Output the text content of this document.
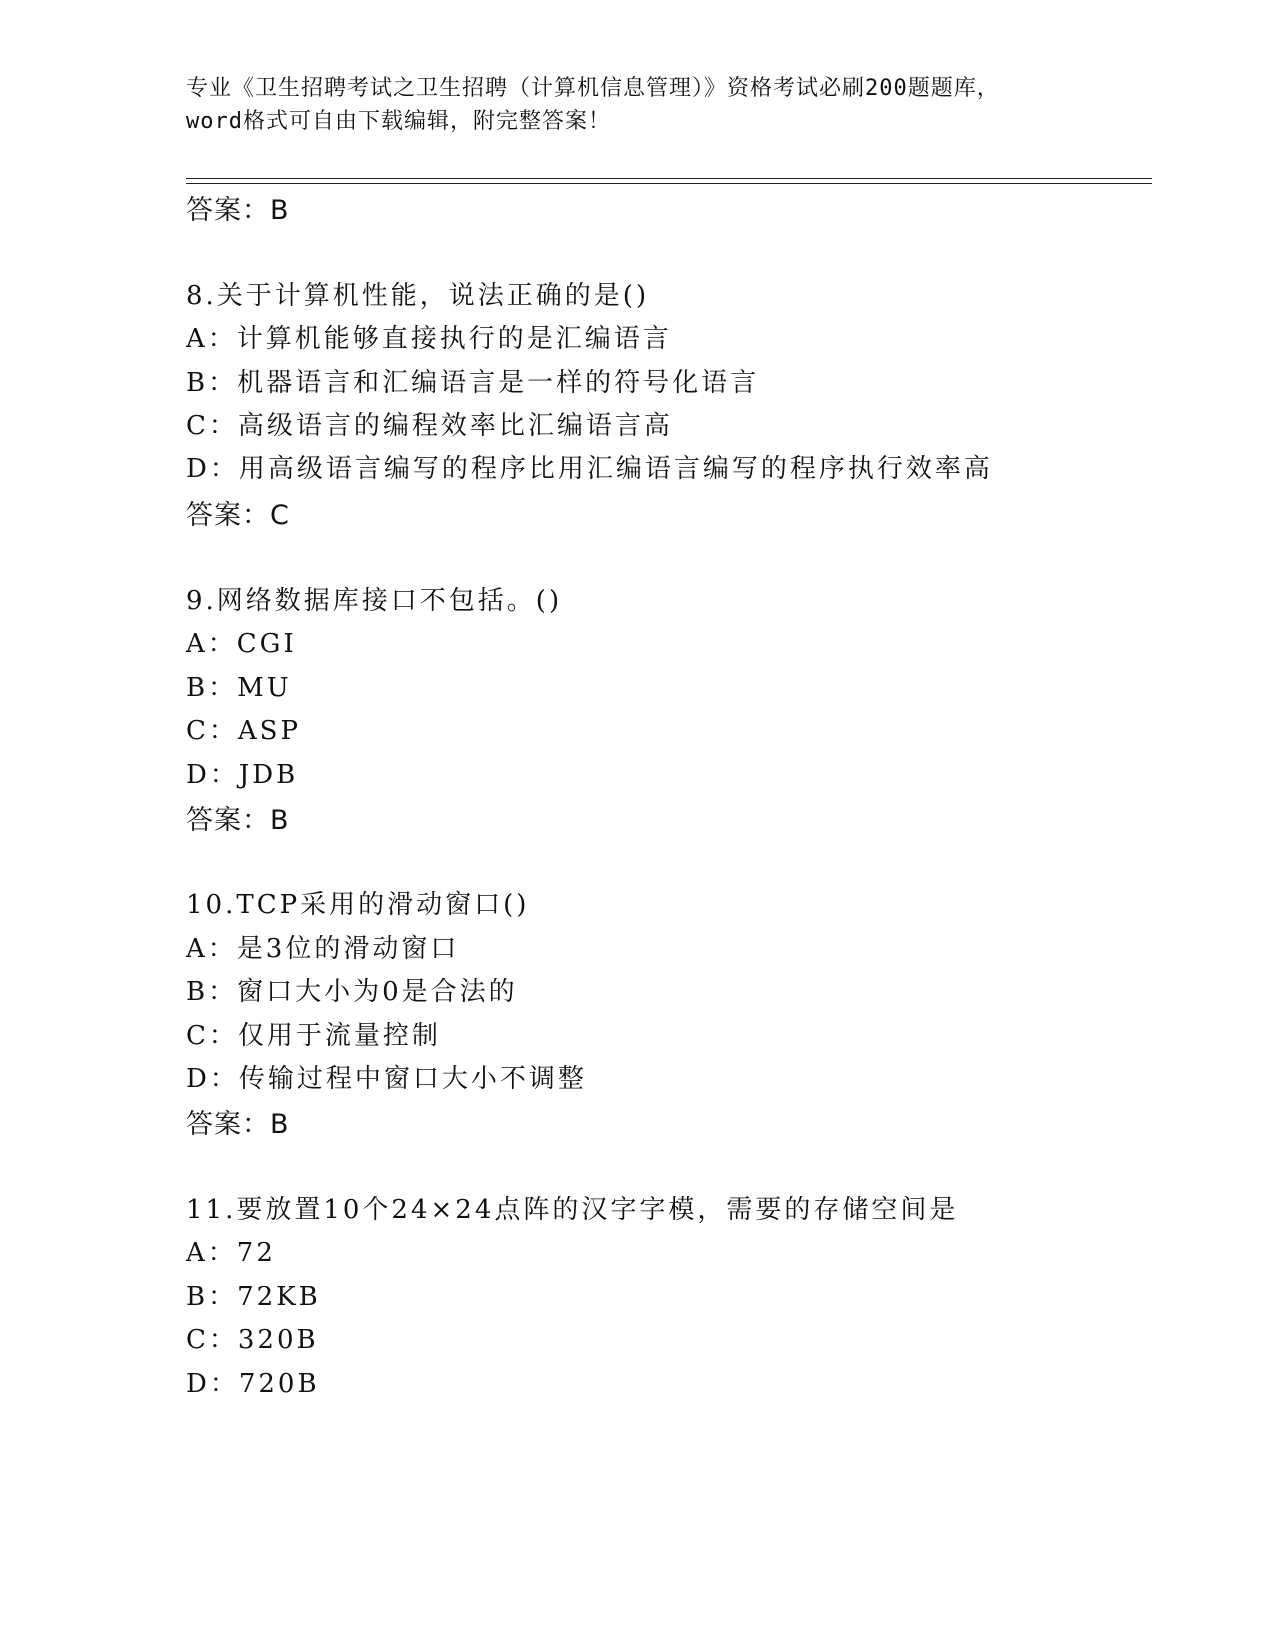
专业《卫生招聘考试之卫生招聘（计算机信息管理）》资格考试必刷200题题库，
word格式可自由下载编辑，附完整答案！
答案：B
8.关于计算机性能，说法正确的是()
A：计算机能够直接执行的是汇编语言
B：机器语言和汇编语言是一样的符号化语言
C：高级语言的编程效率比汇编语言高
D：用高级语言编写的程序比用汇编语言编写的程序执行效率高
答案：C
9.网络数据库接口不包括。()
A：CGI
B：MU
C：ASP
D：JDB
答案：B
10.TCP采用的滑动窗口()
A：是3位的滑动窗口
B：窗口大小为0是合法的
C：仅用于流量控制
D：传输过程中窗口大小不调整
答案：B
11.要放置10个24×24点阵的汉字字模，需要的存储空间是
A：72
B：72KB
C：320B
D：720B
